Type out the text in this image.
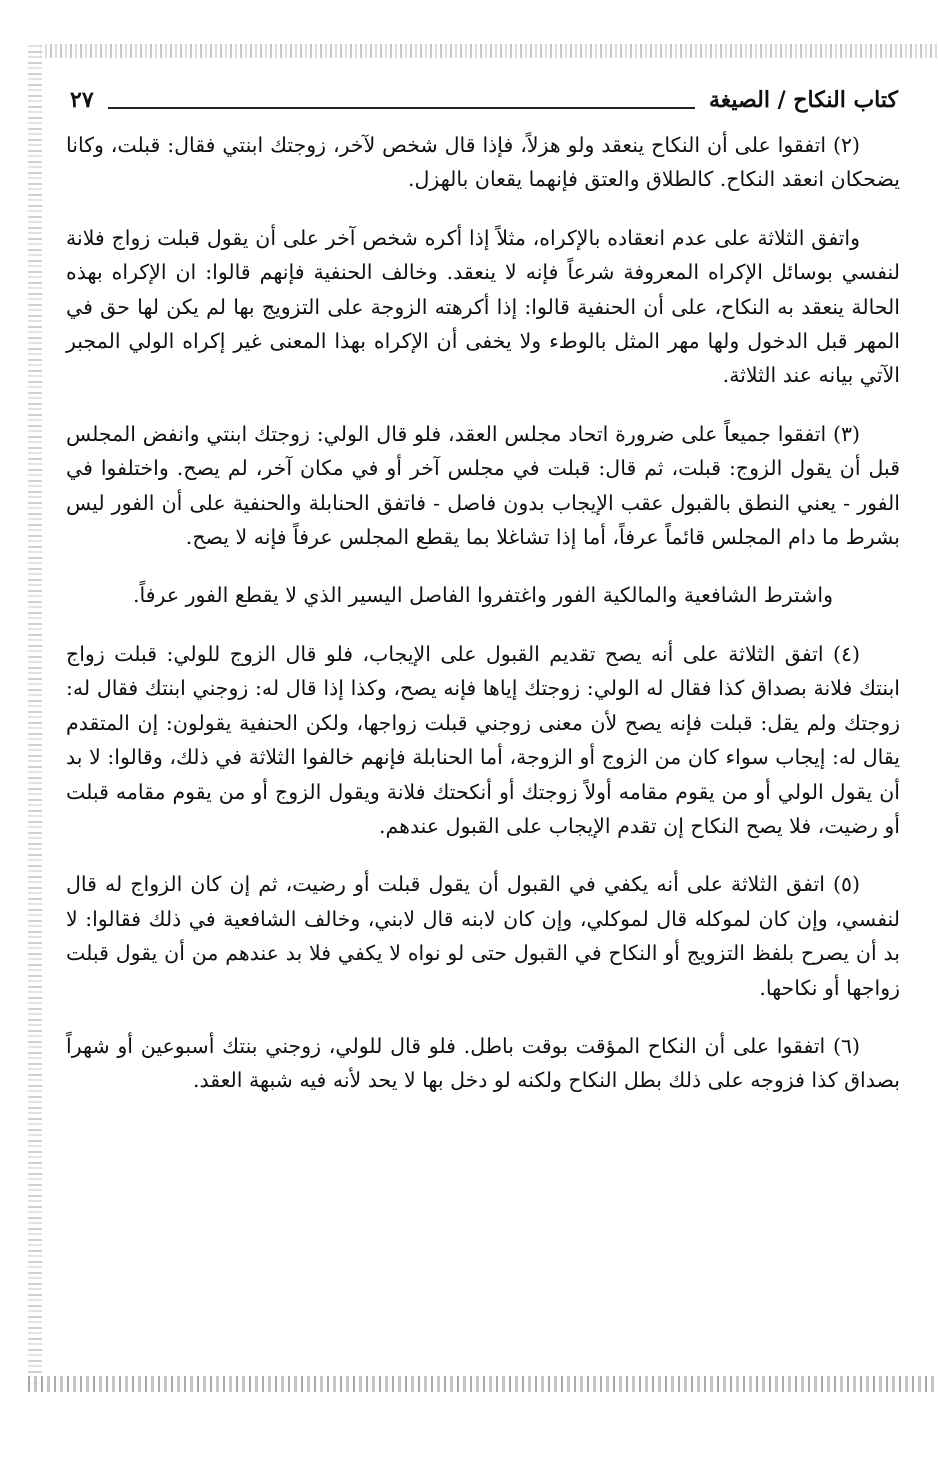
كتاب النكاح / الصيغة
٢٧

(٢) اتفقوا على أن النكاح ينعقد ولو هزلاً، فإذا قال شخص لآخر، زوجتك ابنتي فقال: قبلت، وكانا يضحكان انعقد النكاح. كالطلاق والعتق فإنهما يقعان بالهزل.

واتفق الثلاثة على عدم انعقاده بالإكراه، مثلاً إذا أكره شخص آخر على أن يقول قبلت زواج فلانة لنفسي بوسائل الإكراه المعروفة شرعاً فإنه لا ينعقد. وخالف الحنفية فإنهم قالوا: ان الإكراه بهذه الحالة ينعقد به النكاح، على أن الحنفية قالوا: إذا أكرهته الزوجة على التزويج بها لم يكن لها حق في المهر قبل الدخول ولها مهر المثل بالوطء ولا يخفى أن الإكراه بهذا المعنى غير إكراه الولي المجبر الآتي بيانه عند الثلاثة.

(٣) اتفقوا جميعاً على ضرورة اتحاد مجلس العقد، فلو قال الولي: زوجتك ابنتي وانفض المجلس قبل أن يقول الزوج: قبلت، ثم قال: قبلت في مجلس آخر أو في مكان آخر، لم يصح. واختلفوا في الفور - يعني النطق بالقبول عقب الإيجاب بدون فاصل - فاتفق الحنابلة والحنفية على أن الفور ليس بشرط ما دام المجلس قائماً عرفاً، أما إذا تشاغلا بما يقطع المجلس عرفاً فإنه لا يصح.

واشترط الشافعية والمالكية الفور واغتفروا الفاصل اليسير الذي لا يقطع الفور عرفاً.

(٤) اتفق الثلاثة على أنه يصح تقديم القبول على الإيجاب، فلو قال الزوج للولي: قبلت زواج ابنتك فلانة بصداق كذا فقال له الولي: زوجتك إياها فإنه يصح، وكذا إذا قال له: زوجني ابنتك فقال له: زوجتك ولم يقل: قبلت فإنه يصح لأن معنى زوجني قبلت زواجها، ولكن الحنفية يقولون: إن المتقدم يقال له: إيجاب سواء كان من الزوج أو الزوجة، أما الحنابلة فإنهم خالفوا الثلاثة في ذلك، وقالوا: لا بد أن يقول الولي أو من يقوم مقامه أولاً زوجتك أو أنكحتك فلانة ويقول الزوج أو من يقوم مقامه قبلت أو رضيت، فلا يصح النكاح إن تقدم الإيجاب على القبول عندهم.

(٥) اتفق الثلاثة على أنه يكفي في القبول أن يقول قبلت أو رضيت، ثم إن كان الزواج له قال لنفسي، وإن كان لموكله قال لموكلي، وإن كان لابنه قال لابني، وخالف الشافعية في ذلك فقالوا: لا بد أن يصرح بلفظ التزويج أو النكاح في القبول حتى لو نواه لا يكفي فلا بد عندهم من أن يقول قبلت زواجها أو نكاحها.

(٦) اتفقوا على أن النكاح المؤقت بوقت باطل. فلو قال للولي، زوجني بنتك أسبوعين أو شهراً بصداق كذا فزوجه على ذلك بطل النكاح ولكنه لو دخل بها لا يحد لأنه فيه شبهة العقد.
